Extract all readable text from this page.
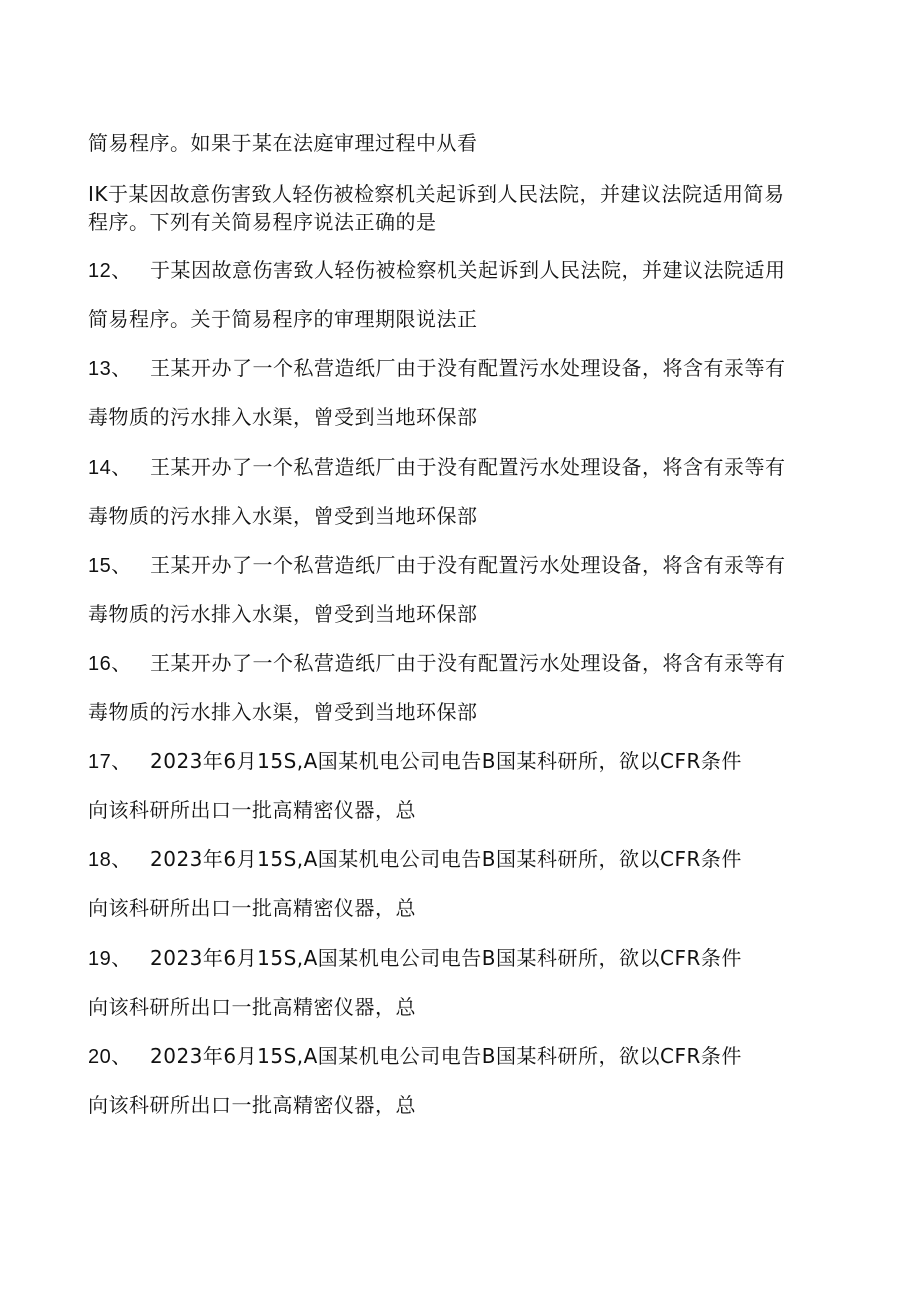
简易程序。如果于某在法庭审理过程中从看

IK于某因故意伤害致人轻伤被检察机关起诉到人民法院，并建议法院适用简易

程序。下列有关简易程序说法正确的是

12、 于某因故意伤害致人轻伤被检察机关起诉到人民法院，并建议法院适用

简易程序。关于简易程序的审理期限说法正

13、 王某开办了一个私营造纸厂由于没有配置污水处理设备，将含有汞等有

毒物质的污水排入水渠，曾受到当地环保部

14、 王某开办了一个私营造纸厂由于没有配置污水处理设备，将含有汞等有

毒物质的污水排入水渠，曾受到当地环保部

15、 王某开办了一个私营造纸厂由于没有配置污水处理设备，将含有汞等有

毒物质的污水排入水渠，曾受到当地环保部

16、 王某开办了一个私营造纸厂由于没有配置污水处理设备，将含有汞等有

毒物质的污水排入水渠，曾受到当地环保部

17、 2023年6月15S,A国某机电公司电告B国某科研所，欲以CFR条件

向该科研所出口一批高精密仪器，总

18、 2023年6月15S,A国某机电公司电告B国某科研所，欲以CFR条件

向该科研所出口一批高精密仪器，总

19、 2023年6月15S,A国某机电公司电告B国某科研所，欲以CFR条件

向该科研所出口一批高精密仪器，总

20、 2023年6月15S,A国某机电公司电告B国某科研所，欲以CFR条件

向该科研所出口一批高精密仪器，总
